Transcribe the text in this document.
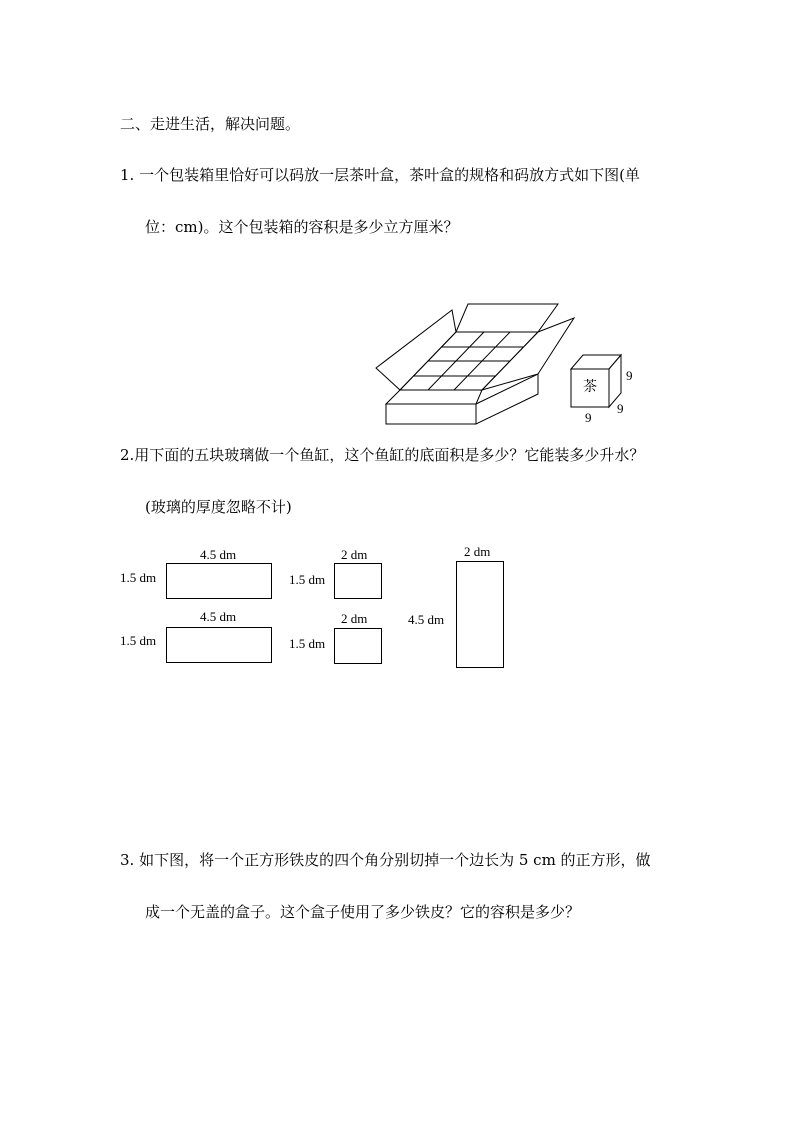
二、走进生活，解决问题。
1. 一个包装箱里恰好可以码放一层茶叶盒，茶叶盒的规格和码放方式如下图(单
位：cm)。这个包装箱的容积是多少立方厘米？
茶
9
9
9
2.用下面的五块玻璃做一个鱼缸，这个鱼缸的底面积是多少？它能装多少升水？
(玻璃的厚度忽略不计)
4.5 dm
1.5 dm
2 dm
1.5 dm
2 dm
4.5 dm
4.5 dm
1.5 dm
2 dm
1.5 dm
3. 如下图，将一个正方形铁皮的四个角分别切掉一个边长为 5 cm 的正方形，做
成一个无盖的盒子。这个盒子使用了多少铁皮？它的容积是多少？
